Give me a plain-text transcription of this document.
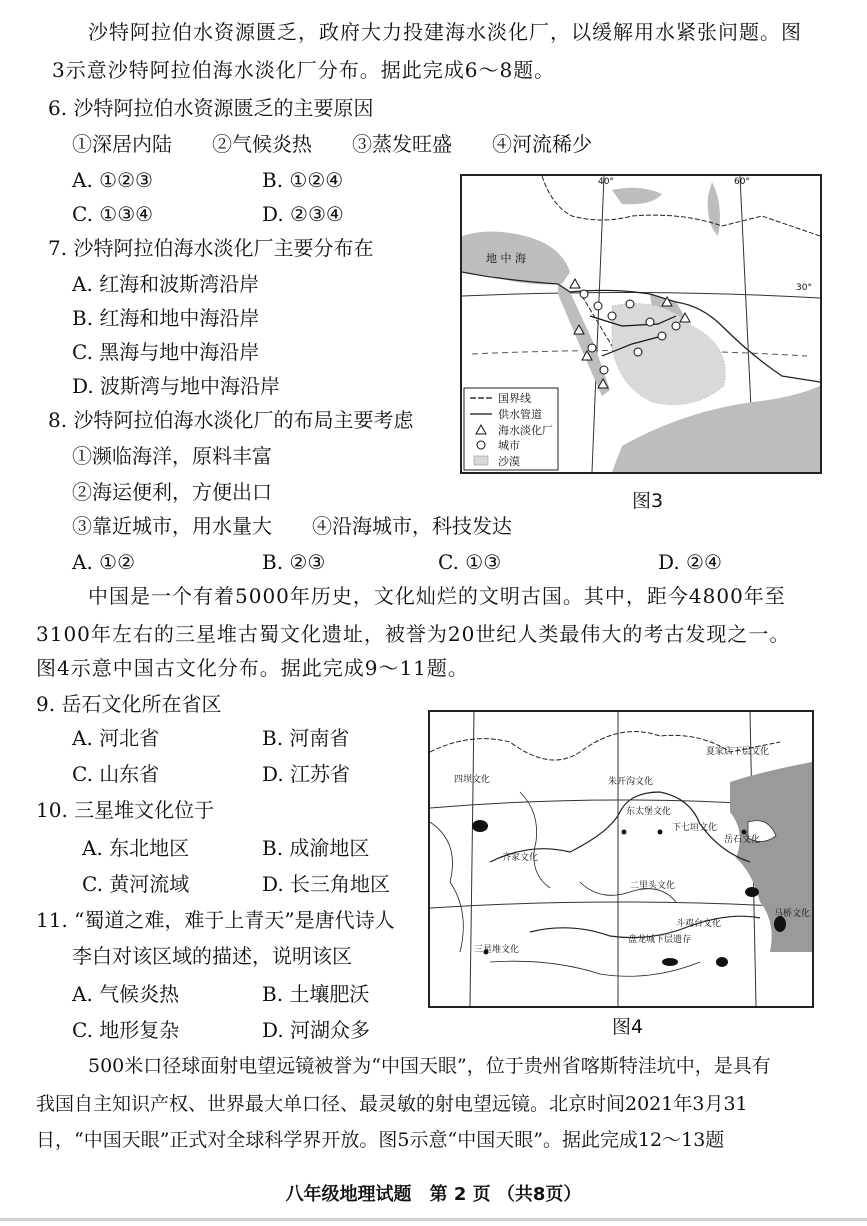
沙特阿拉伯水资源匮乏，政府大力投建海水淡化厂，以缓解用水紧张问题。图
3示意沙特阿拉伯海水淡化厂分布。据此完成6～8题。
6. 沙特阿拉伯水资源匮乏的主要原因
①深居内陆　　②气候炎热　　③蒸发旺盛　　④河流稀少
A. ①②③	B. ①②④
C. ①③④	D. ②③④
7. 沙特阿拉伯海水淡化厂主要分布在
A. 红海和波斯湾沿岸
B. 红海和地中海沿岸
C. 黑海与地中海沿岸
D. 波斯湾与地中海沿岸
8. 沙特阿拉伯海水淡化厂的布局主要考虑
①濒临海洋，原料丰富
②海运便利，方便出口
③靠近城市，用水量大　　④沿海城市，科技发达
A. ①②	B. ②③	C. ①③	D. ②④
40°	60°
30°
地 中 海
国界线
供水管道
海水淡化厂
城市
沙漠
图3
中国是一个有着5000年历史，文化灿烂的文明古国。其中，距今4800年至
3100年左右的三星堆古蜀文化遗址，被誉为20世纪人类最伟大的考古发现之一。
图4示意中国古文化分布。据此完成9～11题。
9. 岳石文化所在省区
A. 河北省	B. 河南省
C. 山东省	D. 江苏省
10. 三星堆文化位于
A. 东北地区	B. 成渝地区
C. 黄河流域	D. 长三角地区
11. “蜀道之难，难于上青天”是唐代诗人
李白对该区域的描述，说明该区
A. 气候炎热	B. 土壤肥沃
C. 地形复杂	D. 河湖众多
夏家店下层文化
四坝文化	朱开沟文化
东太堡文化
下七垣文化
岳石文化
齐家文化
二里头文化
斗鸡台文化
马桥文化
三星堆文化
盘龙城下层遗存
图4
500米口径球面射电望远镜被誉为“中国天眼”，位于贵州省喀斯特洼坑中，是具有
我国自主知识产权、世界最大单口径、最灵敏的射电望远镜。北京时间2021年3月31
日，“中国天眼”正式对全球科学界开放。图5示意“中国天眼”。据此完成12～13题
八年级地理试题　第 2 页 （共8页）
